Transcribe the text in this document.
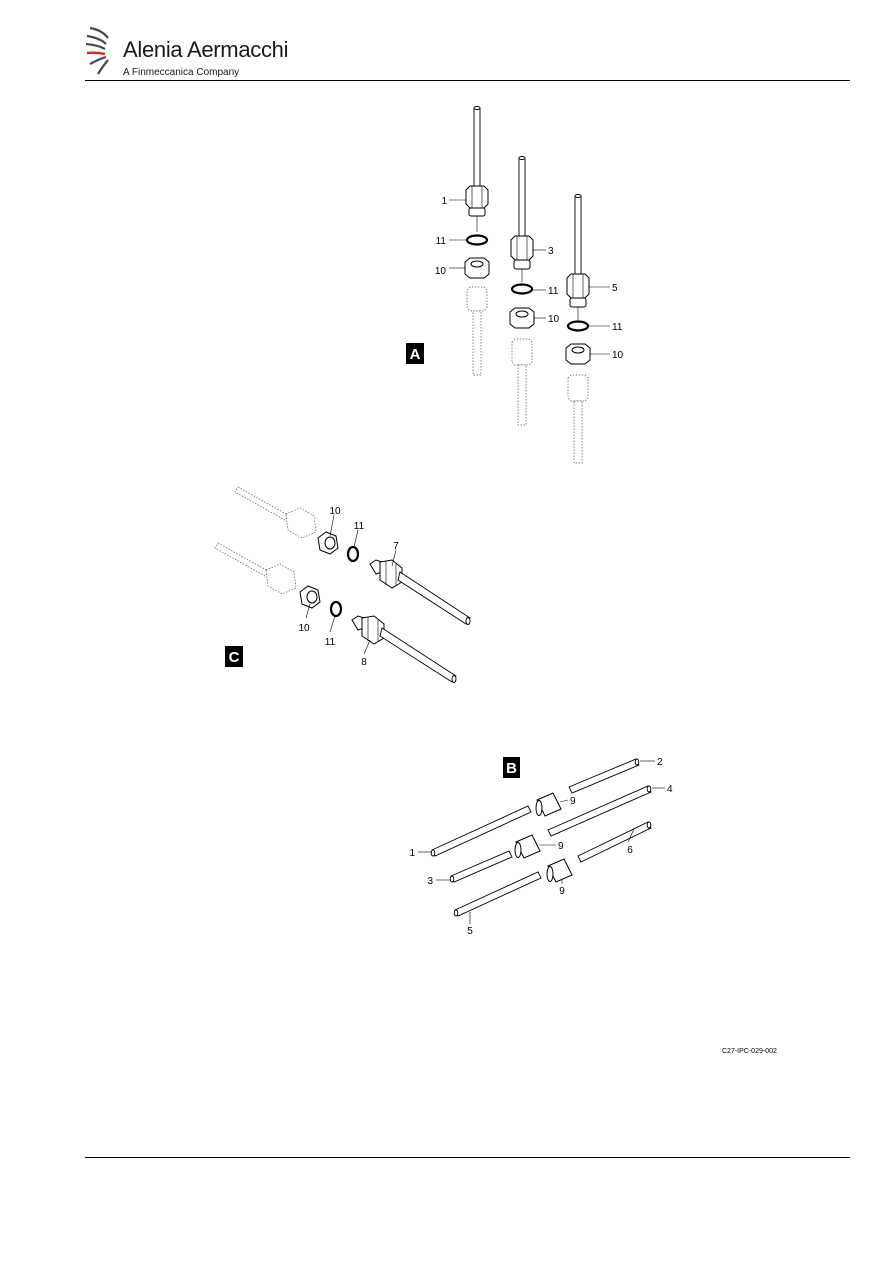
Alenia Aermacchi
A Finmeccanica Company
A
1
11
10
3
11
10
5
11
10
C
10
11
7
10
11
8
B	2
9
4
1
9	6
3
9
5
C27-IPC-029-002
